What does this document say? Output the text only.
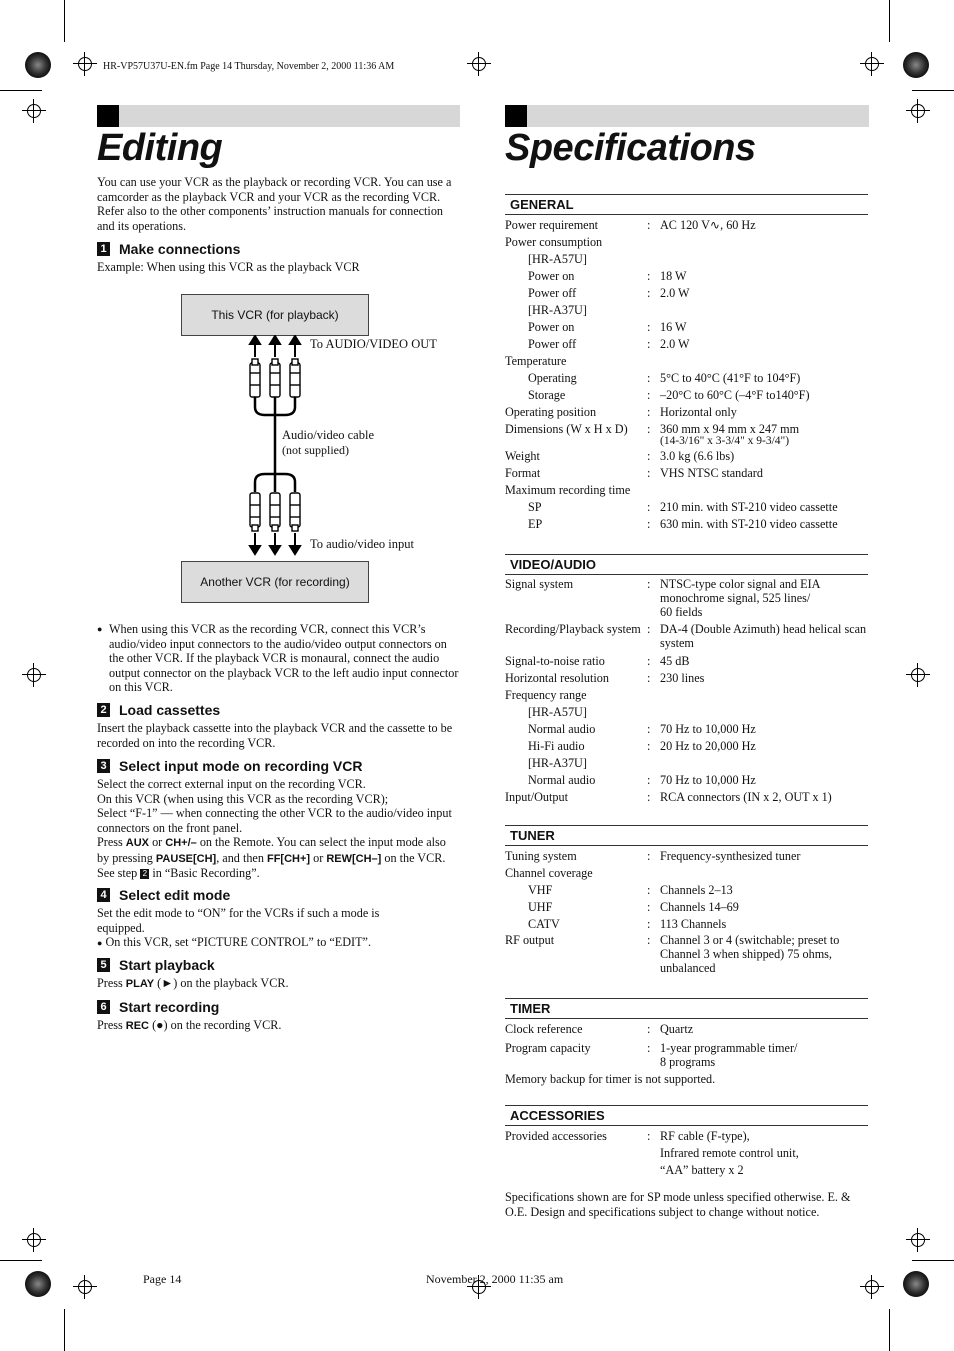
HR-VP57U37U-EN.fm Page 14 Thursday, November 2, 2000 11:36 AM
Editing
You can use your VCR as the playback or recording VCR. You can use a camcorder as the playback VCR and your VCR as the recording VCR. Refer also to the other components’ instruction manuals for connection and its operations.
1 Make connections
Example: When using this VCR as the playback VCR
This VCR (for playback)
To AUDIO/VIDEO OUT
Audio/video cable
(not supplied)
To audio/video input
Another VCR (for recording)
● When using this VCR as the recording VCR, connect this VCR’s audio/video input connectors to the audio/video output connectors on the other VCR. If the playback VCR is monaural, connect the audio output connector on the playback VCR to the left audio input connector on this VCR.
2 Load cassettes
Insert the playback cassette into the playback VCR and the cassette to be recorded on into the recording VCR.
3 Select input mode on recording VCR
Select the correct external input on the recording VCR.
On this VCR (when using this VCR as the recording VCR);
Select “F-1” — when connecting the other VCR to the audio/video input connectors on the front panel.
Press AUX or CH+/– on the Remote. You can select the input mode also by pressing PAUSE[CH], and then FF[CH+] or REW[CH–] on the VCR. See step 2 in “Basic Recording”.
4 Select edit mode
Set the edit mode to “ON” for the VCRs if such a mode is equipped.
● On this VCR, set “PICTURE CONTROL” to “EDIT”.
5 Start playback
Press PLAY (►) on the playback VCR.
6 Start recording
Press REC (●) on the recording VCR.
Specifications
GENERAL
Power requirement	: AC 120 V∿, 60 Hz
Power consumption
[HR-A57U]
Power on	: 18 W
Power off	: 2.0 W
[HR-A37U]
Power on	: 16 W
Power off	: 2.0 W
Temperature
Operating	: 5°C to 40°C (41°F to 104°F)
Storage	: –20°C to 60°C (–4°F to140°F)
Operating position	: Horizontal only
Dimensions (W x H x D)	: 360 mm x 94 mm x 247 mm

(14-3/16" x 3-3/4" x 9-3/4")
Weight	: 3.0 kg (6.6 lbs)
Format	: VHS NTSC standard
Maximum recording time
SP	: 210 min. with ST-210 video cassette
EP	: 630 min. with ST-210 video cassette
VIDEO/AUDIO
Signal system	: NTSC-type color signal and EIA monochrome signal, 525 lines/
60 fields
Recording/Playback system : DA-4 (Double Azimuth) head helical scan system
Signal-to-noise ratio	: 45 dB
Horizontal resolution	: 230 lines
Frequency range
[HR-A57U]
Normal audio	: 70 Hz to 10,000 Hz
Hi-Fi audio	: 20 Hz to 20,000 Hz
[HR-A37U]
Normal audio	: 70 Hz to 10,000 Hz
Input/Output	: RCA connectors (IN x 2, OUT x 1)
TUNER
Tuning system	: Frequency-synthesized tuner
Channel coverage
VHF	: Channels 2–13
UHF	: Channels 14–69
CATV	: 113 Channels
RF output	: Channel 3 or 4 (switchable; preset to Channel 3 when shipped) 75 ohms, unbalanced
TIMER
Clock reference	: Quartz
Program capacity	: 1-year programmable timer/
8 programs
Memory backup for timer is not supported.
ACCESSORIES
Provided accessories	: RF cable (F-type),
Infrared remote control unit,
“AA” battery x 2
Specifications shown are for SP mode unless specified otherwise. E. & O.E. Design and specifications subject to change without notice.
Page 14	November 2, 2000 11:35 am
